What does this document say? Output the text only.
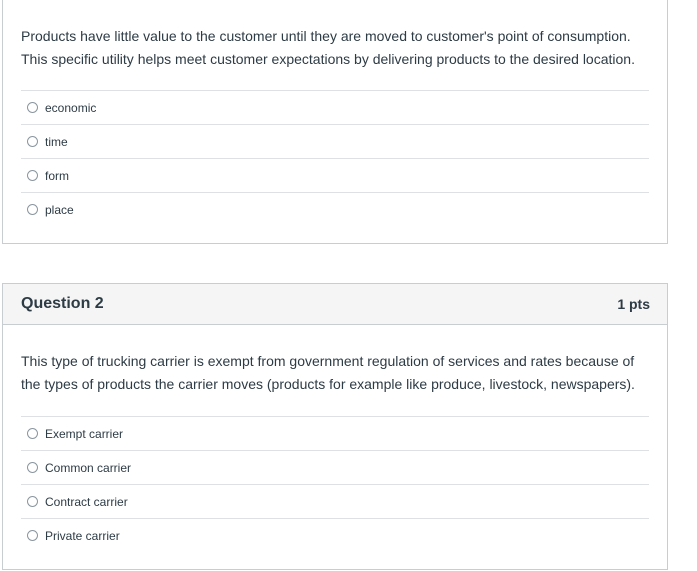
Products have little value to the customer until they are moved to customer's point of consumption. This specific utility helps meet customer expectations by delivering products to the desired location.

economic
time
form
place
Question 2	1 pts

This type of trucking carrier is exempt from government regulation of services and rates because of the types of products the carrier moves (products for example like produce, livestock, newspapers).

Exempt carrier
Common carrier
Contract carrier
Private carrier
